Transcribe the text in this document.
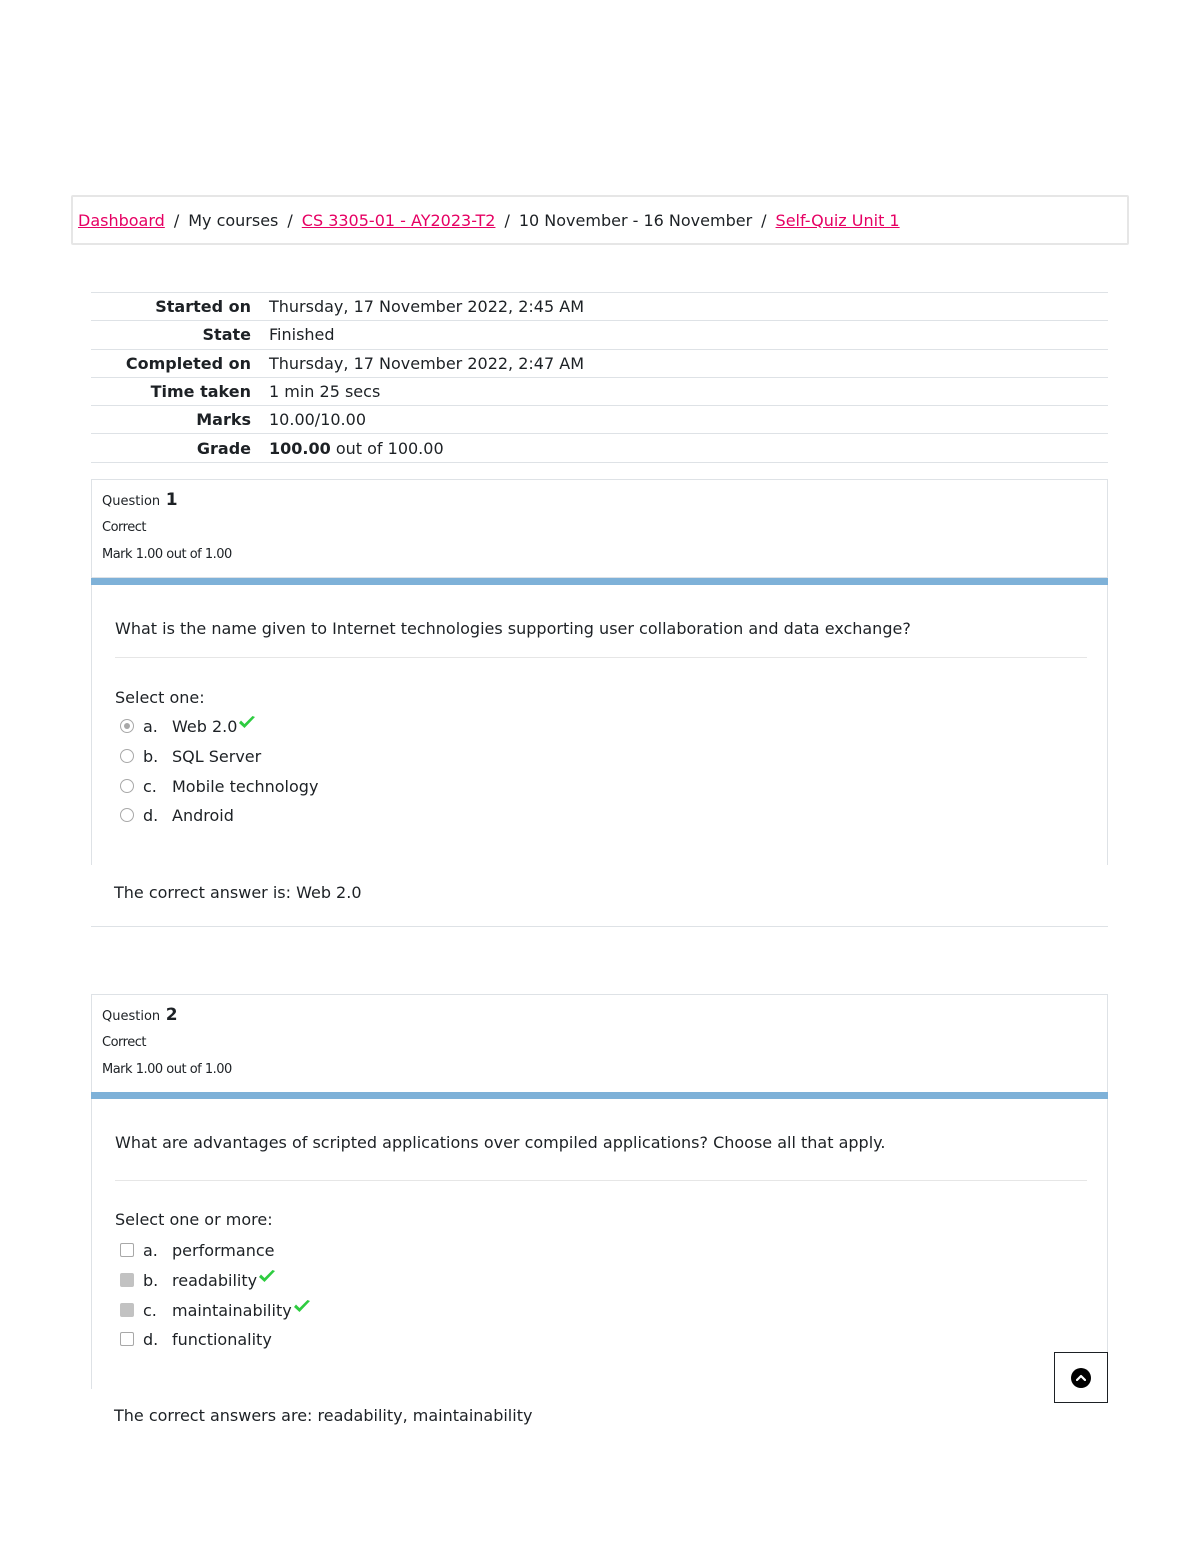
Dashboard / My courses / CS 3305-01 - AY2023-T2 / 10 November - 16 November / Self-Quiz Unit 1
Started on	Thursday, 17 November 2022, 2:45 AM
State	Finished
Completed on	Thursday, 17 November 2022, 2:47 AM
Time taken	1 min 25 secs
Marks	10.00/10.00
Grade	100.00 out of 100.00
Question 1
Correct
Mark 1.00 out of 1.00
What is the name given to Internet technologies supporting user collaboration and data exchange?
Select one:
a. Web 2.0
b. SQL Server
c. Mobile technology
d. Android
The correct answer is: Web 2.0
Question 2
Correct
Mark 1.00 out of 1.00
What are advantages of scripted applications over compiled applications? Choose all that apply.
Select one or more:
a. performance
b. readability
c. maintainability
d. functionality
The correct answers are: readability, maintainability
